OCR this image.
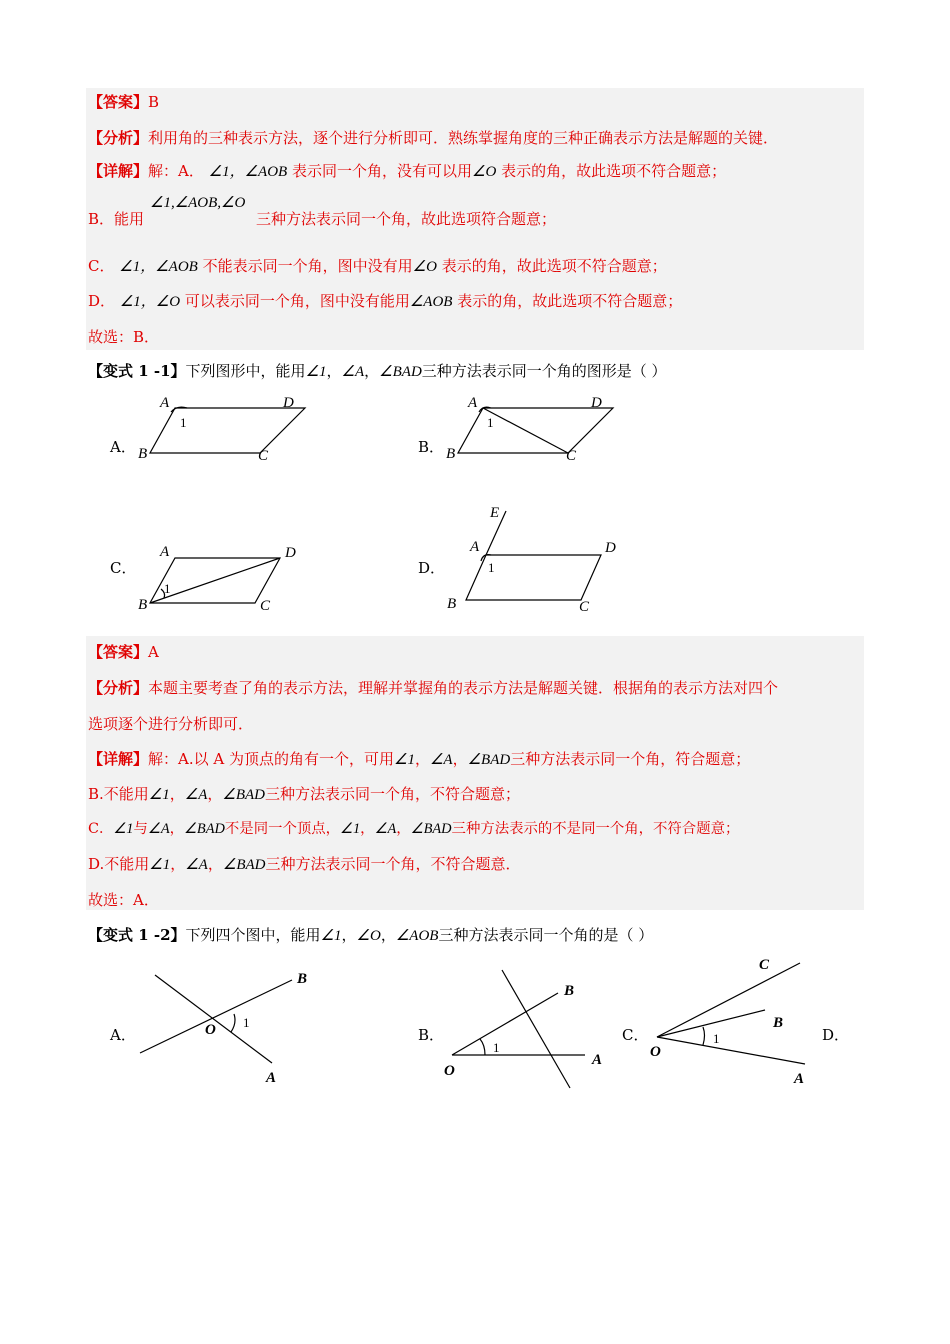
【答案】B
【分析】利用角的三种表示方法，逐个进行分析即可．熟练掌握角度的三种正确表示方法是解题的关键．
【详解】解：A． ∠1，∠AOB 表示同一个角，没有可以用∠O 表示的角，故此选项不符合题意；
B．能用
∠1,∠AOB,∠O
三种方法表示同一个角，故此选项符合题意；
C． ∠1，∠AOB 不能表示同一个角，图中没有用∠O 表示的角，故此选项不符合题意；
D． ∠1，∠O 可以表示同一个角，图中没有能用∠AOB 表示的角，故此选项不符合题意；
故选：B．
【变式 1 -1】下列图形中，能用∠1，∠A，∠BAD三种方法表示同一个角的图形是（ ）
A．	B．
C．	D．
A	D
B	C
1
A	D
B	C
1
A	D
B	C
1
E
A	D
B	C
1
【答案】A
【分析】本题主要考查了角的表示方法，理解并掌握角的表示方法是解题关键．根据角的表示方法对四个
选项逐个进行分析即可．
【详解】解：A.以 A 为顶点的角有一个，可用∠1，∠A，∠BAD三种方法表示同一个角，符合题意；
B.不能用∠1，∠A，∠BAD三种方法表示同一个角，不符合题意；
C．∠1与∠A，∠BAD不是同一个顶点，∠1，∠A，∠BAD三种方法表示的不是同一个角，不符合题意；
D.不能用∠1，∠A，∠BAD三种方法表示同一个角，不符合题意．
故选：A．
【变式 1 -2】下列四个图中，能用∠1，∠O，∠AOB三种方法表示同一个角的是（ ）
A．	B．	C．	D．
O
B
A
1
O
B
A
1	O
C
B
A
1
